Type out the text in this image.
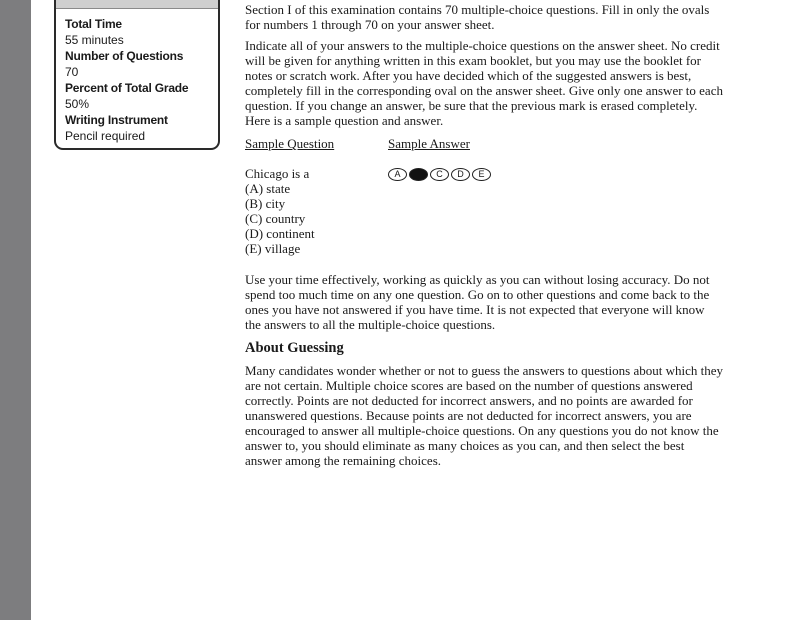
Total Time
55 minutes
Number of Questions
70
Percent of Total Grade
50%
Writing Instrument
Pencil required

Section I of this examination contains 70 multiple-choice questions. Fill in only the ovals for numbers 1 through 70 on your answer sheet.

Indicate all of your answers to the multiple-choice questions on the answer sheet. No credit will be given for anything written in this exam booklet, but you may use the booklet for notes or scratch work. After you have decided which of the suggested answers is best, completely fill in the corresponding oval on the answer sheet. Give only one answer to each question. If you change an answer, be sure that the previous mark is erased completely. Here is a sample question and answer.

Sample Question
Chicago is a
(A) state
(B) city
(C) country
(D) continent
(E) village
Sample Answer
A	C	D	E

Use your time effectively, working as quickly as you can without losing accuracy. Do not spend too much time on any one question. Go on to other questions and come back to the ones you have not answered if you have time. It is not expected that everyone will know the answers to all the multiple-choice questions.

About Guessing

Many candidates wonder whether or not to guess the answers to questions about which they are not certain. Multiple choice scores are based on the number of questions answered correctly. Points are not deducted for incorrect answers, and no points are awarded for unanswered questions. Because points are not deducted for incorrect answers, you are encouraged to answer all multiple-choice questions. On any questions you do not know the answer to, you should eliminate as many choices as you can, and then select the best answer among the remaining choices.
